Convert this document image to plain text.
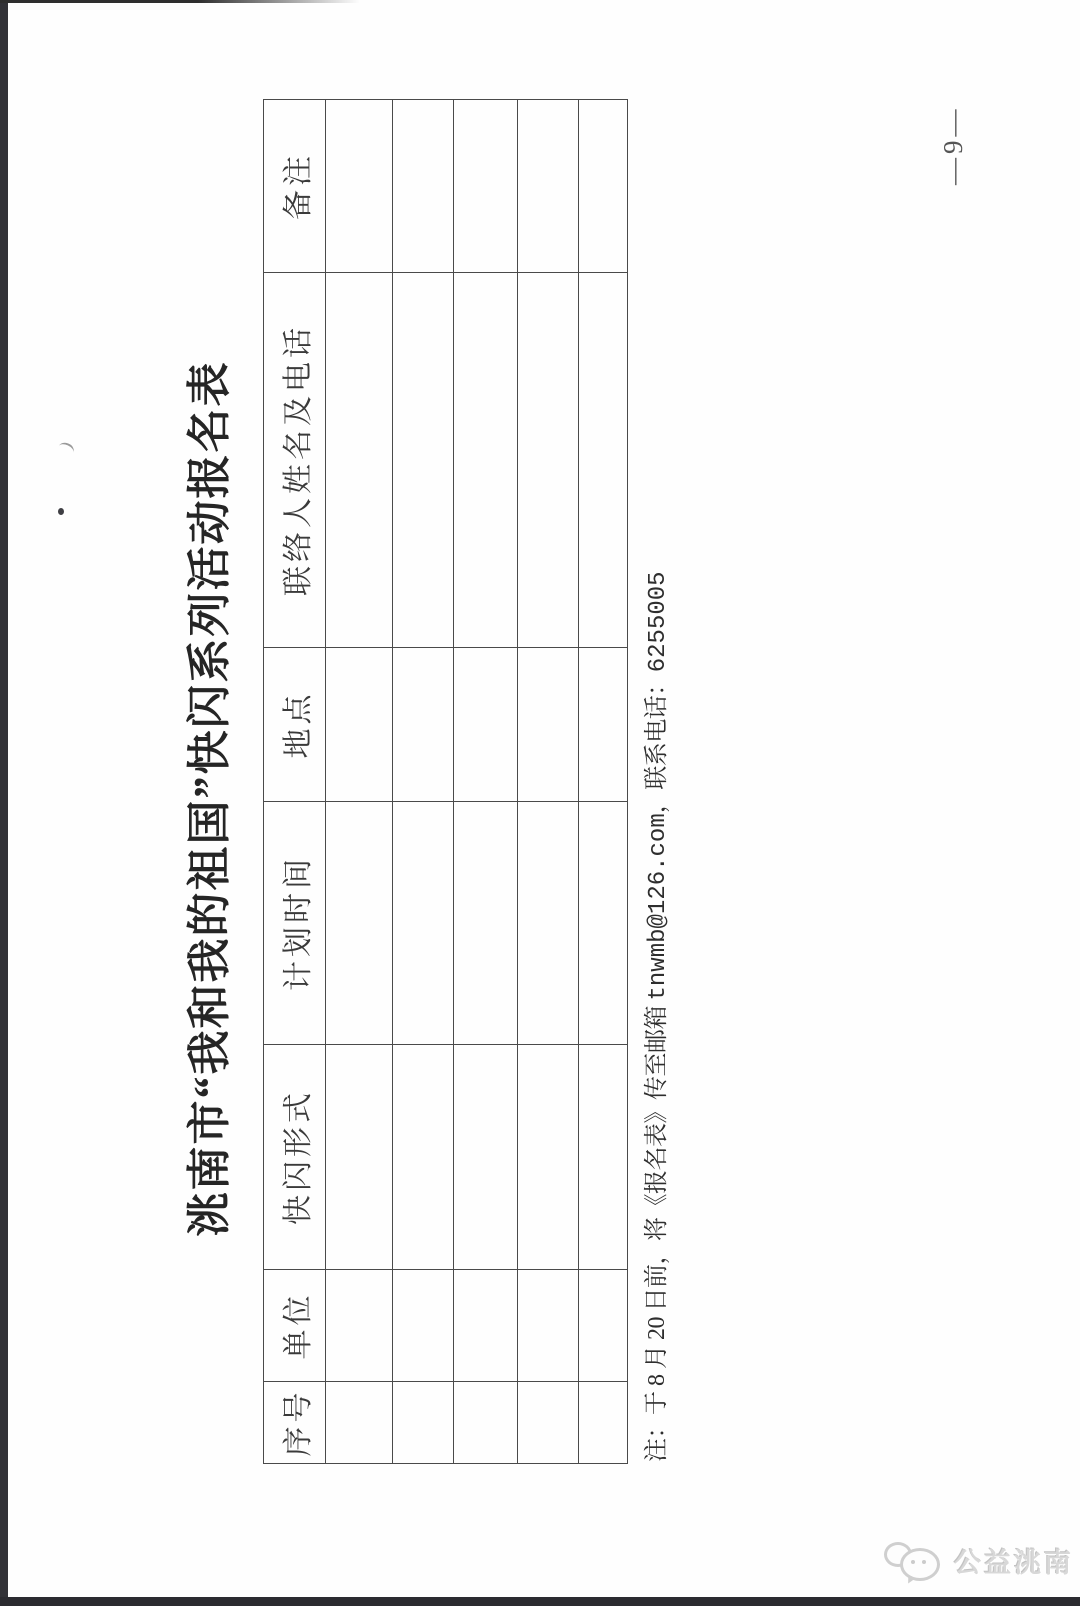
洮南市“我和我的祖国”快闪系列活动报名表
序号	单位	快闪形式	计划时间	地点	联络人姓名及电话	备注

注：于 8 月 20 日前，将《报名表》传至邮箱 tnwmb@126.com，联系电话：6255005
—9—
公益洮南
